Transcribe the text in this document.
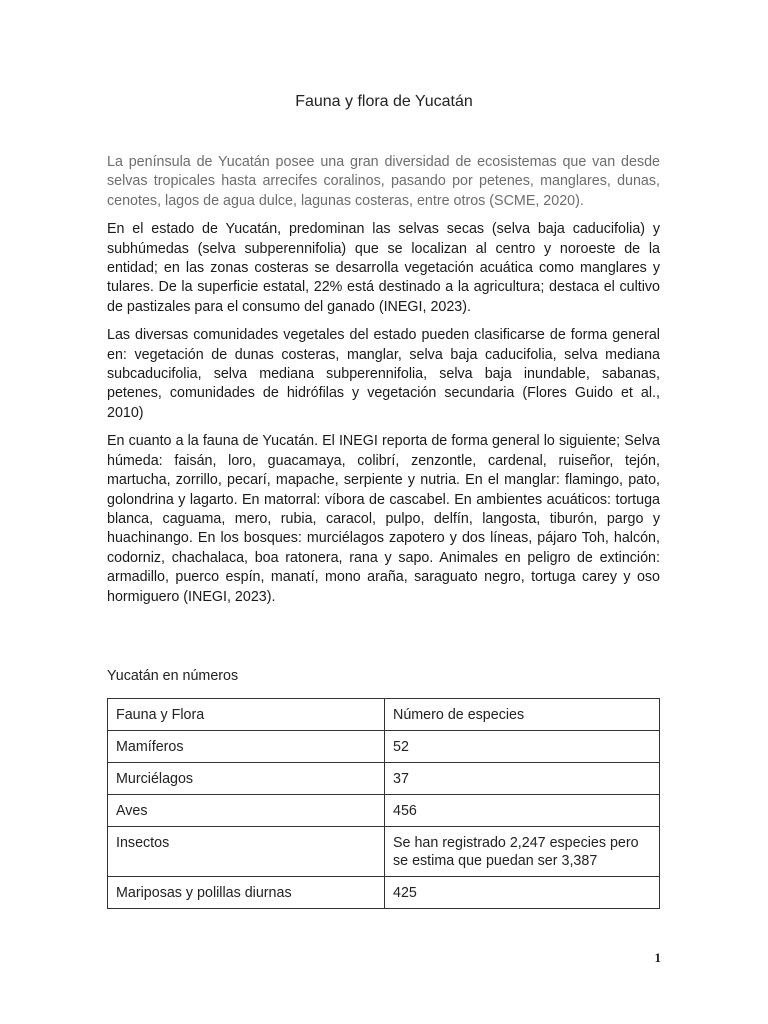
Fauna y flora de Yucatán

La península de Yucatán posee una gran diversidad de ecosistemas que van desde selvas tropicales hasta arrecifes coralinos, pasando por petenes, manglares, dunas, cenotes, lagos de agua dulce, lagunas costeras, entre otros (SCME, 2020).

En el estado de Yucatán, predominan las selvas secas (selva baja caducifolia) y subhúmedas (selva subperennifolia) que se localizan al centro y noroeste de la entidad; en las zonas costeras se desarrolla vegetación acuática como manglares y tulares. De la superficie estatal, 22% está destinado a la agricultura; destaca el cultivo de pastizales para el consumo del ganado (INEGI, 2023).

Las diversas comunidades vegetales del estado pueden clasificarse de forma general en: vegetación de dunas costeras, manglar, selva baja caducifolia, selva mediana subcaducifolia, selva mediana subperennifolia, selva baja inundable, sabanas, petenes, comunidades de hidrófilas y vegetación secundaria (Flores Guido et al., 2010)

En cuanto a la fauna de Yucatán. El INEGI reporta de forma general lo siguiente; Selva húmeda: faisán, loro, guacamaya, colibrí, zenzontle, cardenal, ruiseñor, tejón, martucha, zorrillo, pecarí, mapache, serpiente y nutria. En el manglar: flamingo, pato, golondrina y lagarto. En matorral: víbora de cascabel. En ambientes acuáticos: tortuga blanca, caguama, mero, rubia, caracol, pulpo, delfín, langosta, tiburón, pargo y huachinango. En los bosques: murciélagos zapotero y dos líneas, pájaro Toh, halcón, codorniz, chachalaca, boa ratonera, rana y sapo. Animales en peligro de extinción: armadillo, puerco espín, manatí, mono araña, saraguato negro, tortuga carey y oso hormiguero (INEGI, 2023).

Yucatán en números
Fauna y Flora	Número de especies
Mamíferos	52
Murciélagos	37
Aves	456
Insectos	Se han registrado 2,247 especies pero se estima que puedan ser 3,387
Mariposas y polillas diurnas	425
1
